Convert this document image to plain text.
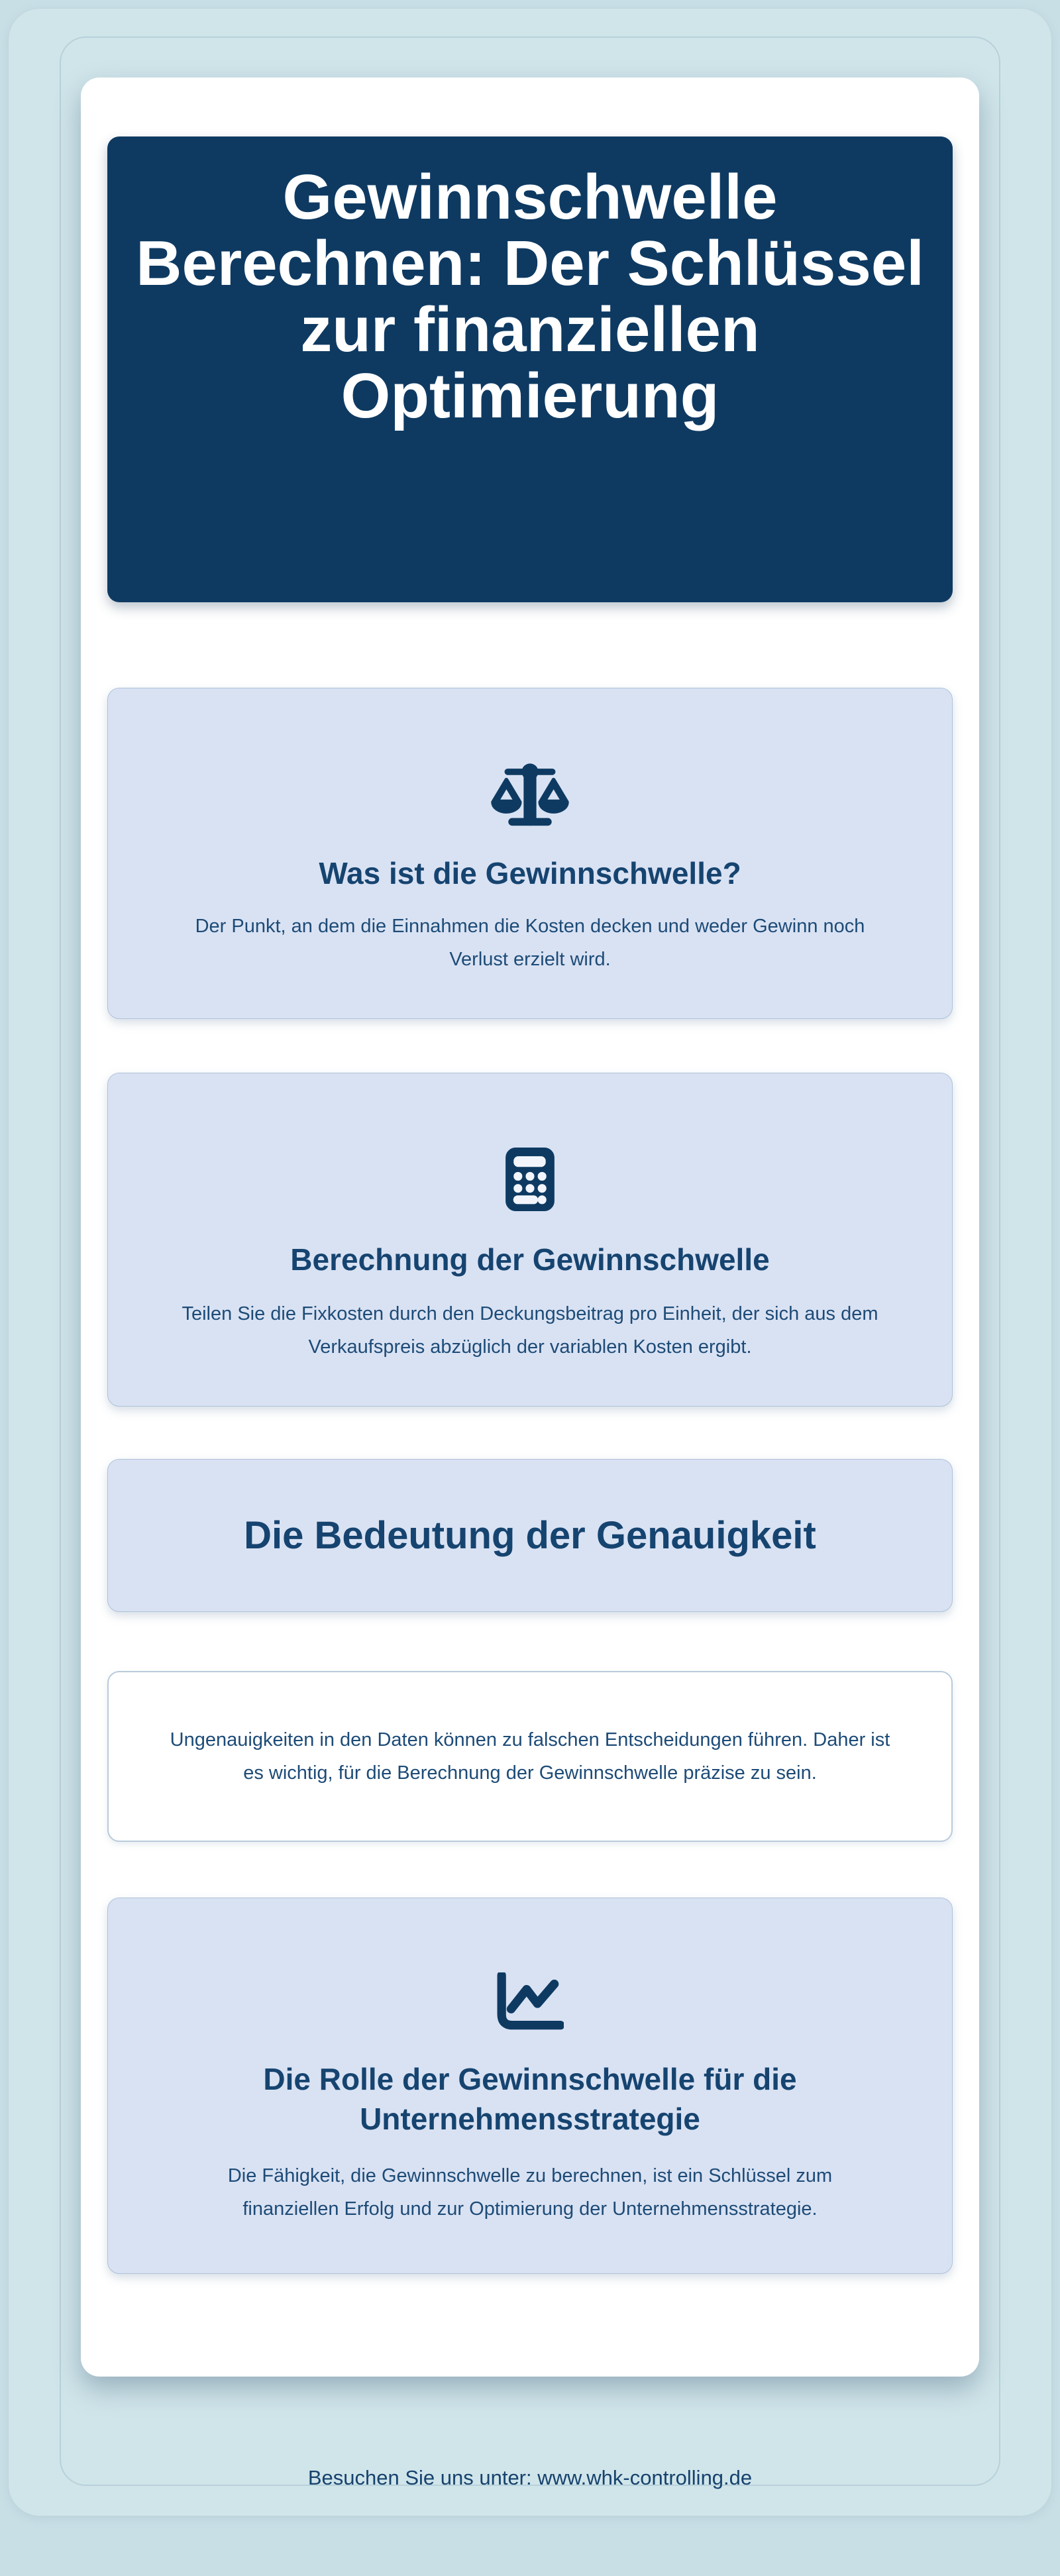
Gewinnschwelle
Berechnen: Der Schlüssel
zur finanziellen
Optimierung
Was ist die Gewinnschwelle?

Der Punkt, an dem die Einnahmen die Kosten decken und weder Gewinn noch Verlust erzielt wird.

Berechnung der Gewinnschwelle

Teilen Sie die Fixkosten durch den Deckungsbeitrag pro Einheit, der sich aus dem Verkaufspreis abzüglich der variablen Kosten ergibt.

Die Bedeutung der Genauigkeit

Ungenauigkeiten in den Daten können zu falschen Entscheidungen führen. Daher ist es wichtig, für die Berechnung der Gewinnschwelle präzise zu sein.

Die Rolle der Gewinnschwelle für die Unternehmensstrategie

Die Fähigkeit, die Gewinnschwelle zu berechnen, ist ein Schlüssel zum finanziellen Erfolg und zur Optimierung der Unternehmensstrategie.

Besuchen Sie uns unter: www.whk-controlling.de
